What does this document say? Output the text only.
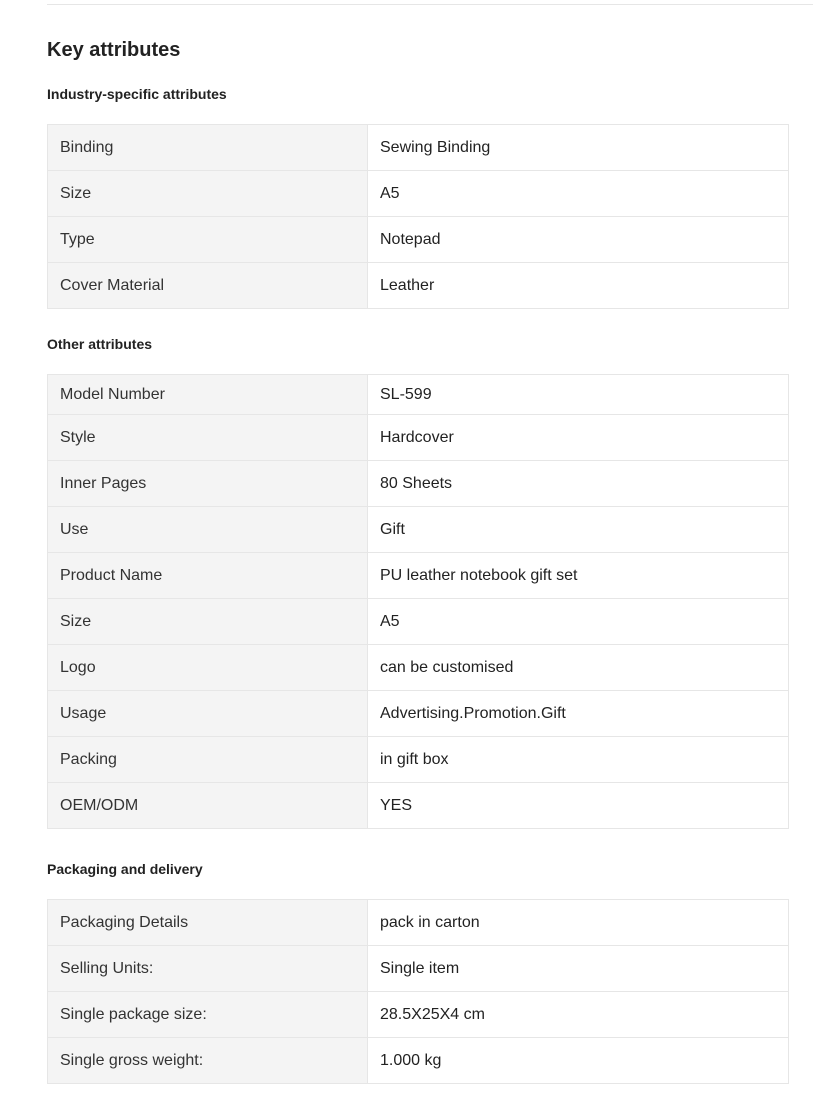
Key attributes
Industry-specific attributes
Binding	Sewing Binding
Size	A5
Type	Notepad
Cover Material	Leather
Other attributes
Model Number	SL-599
Style	Hardcover
Inner Pages	80 Sheets
Use	Gift
Product Name	PU leather notebook gift set
Size	A5
Logo	can be customised
Usage	Advertising.Promotion.Gift
Packing	in gift box
OEM/ODM	YES
Packaging and delivery
Packaging Details	pack in carton
Selling Units:	Single item
Single package size:	28.5X25X4 cm
Single gross weight:	1.000 kg
